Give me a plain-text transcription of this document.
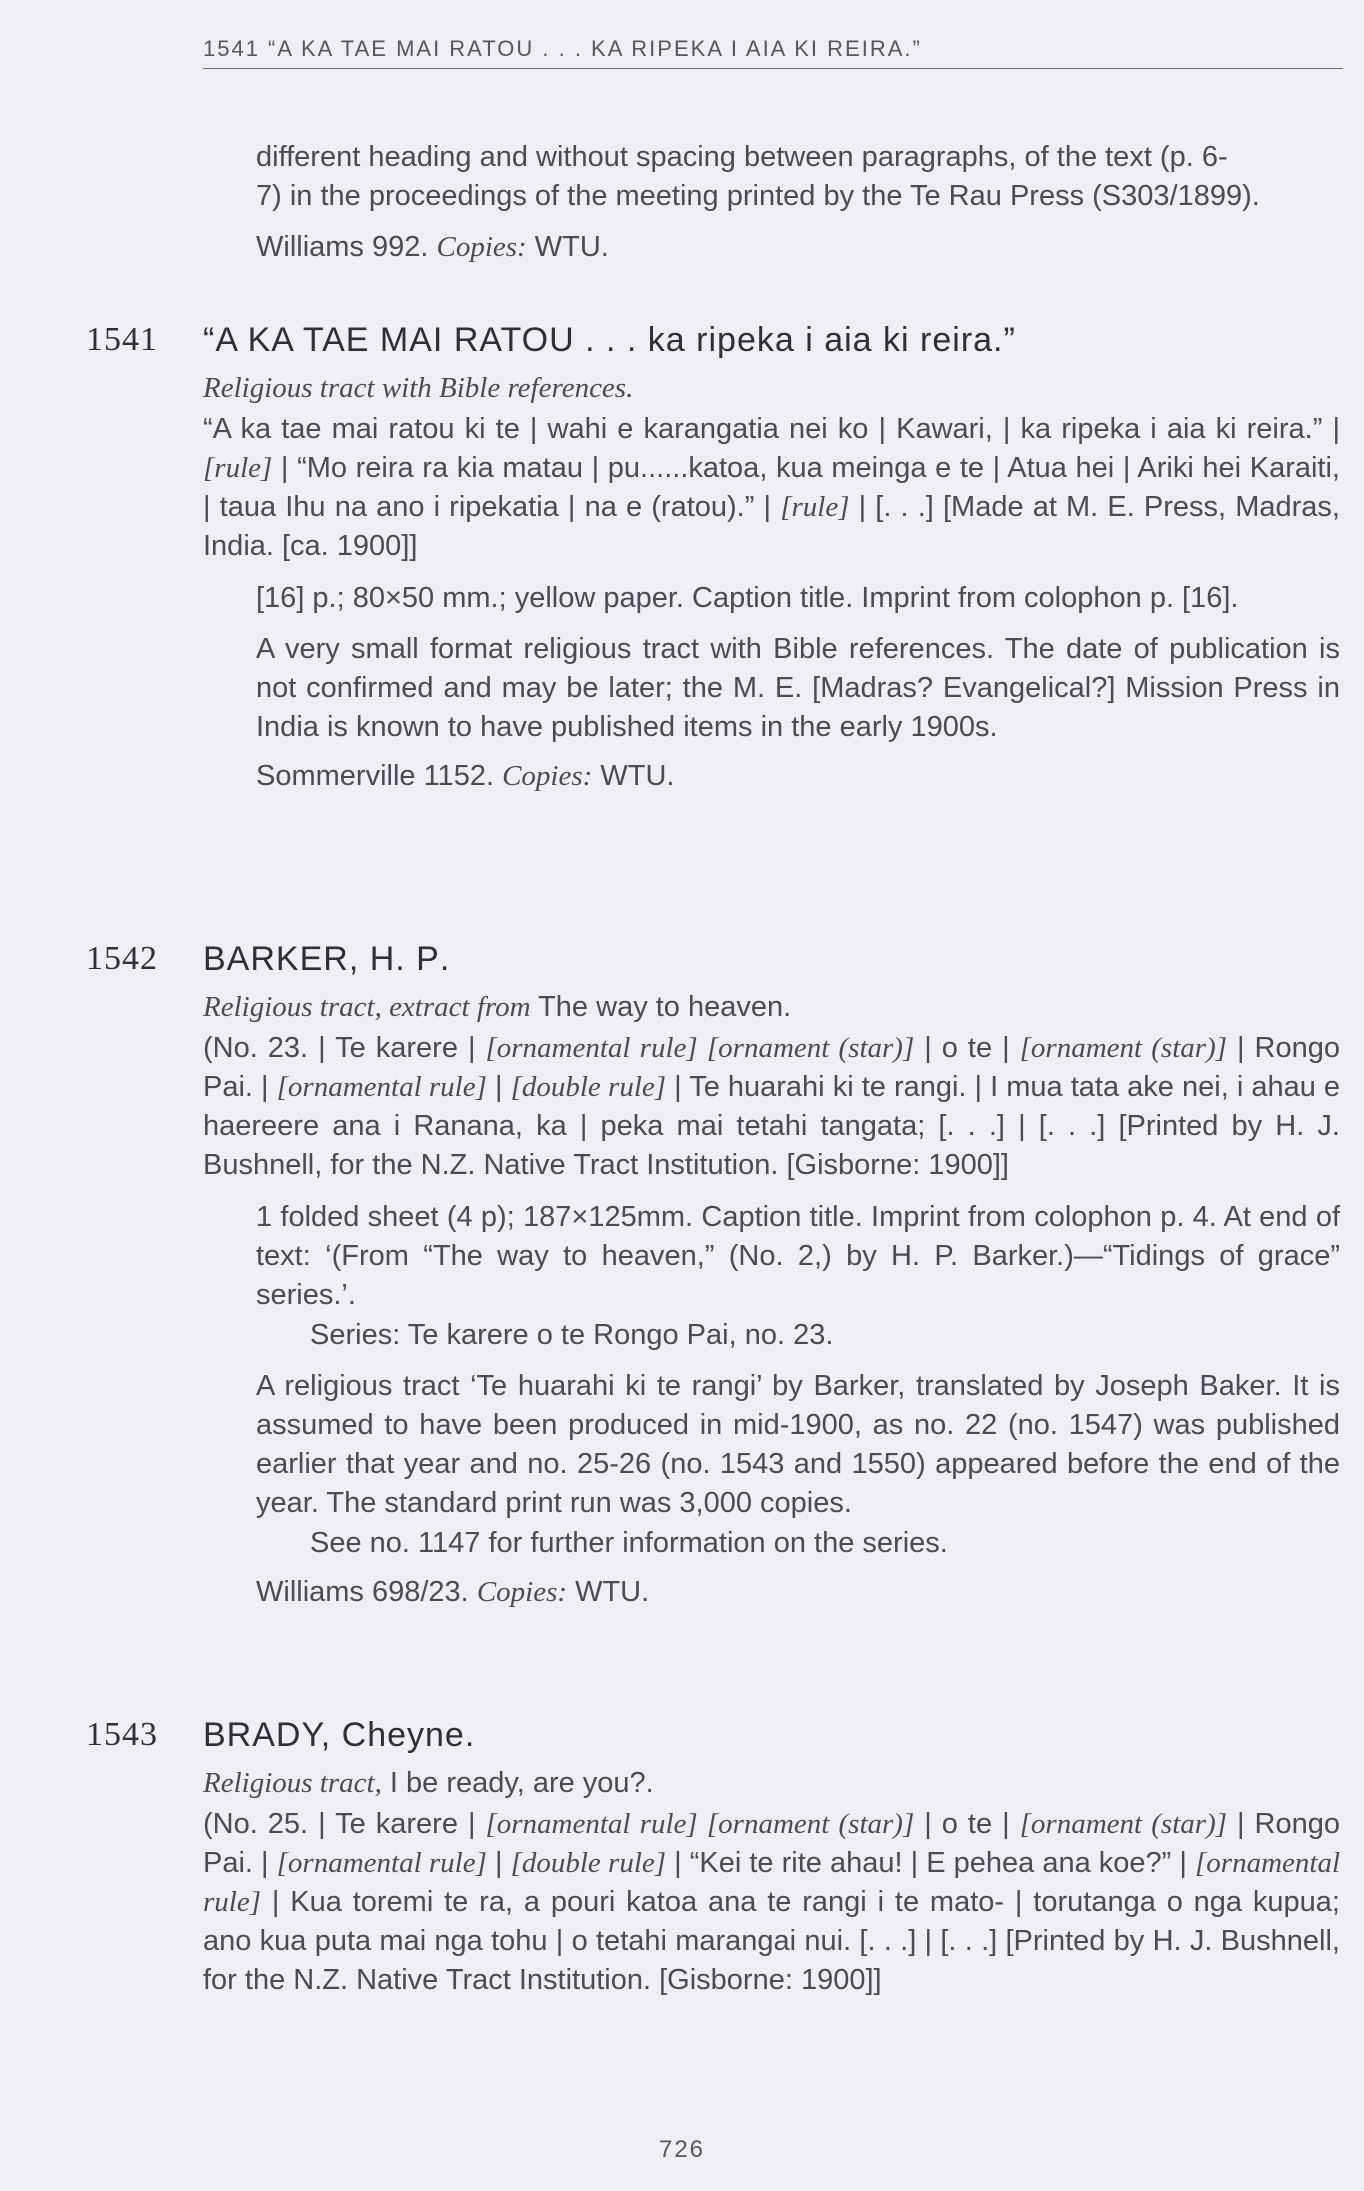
1541 “A KA TAE MAI RATOU . . . KA RIPEKA I AIA KI REIRA.”

different heading and without spacing between paragraphs, of the text (p. 6-

7) in the proceedings of the meeting printed by the Te Rau Press (S303/1899).

Williams 992. Copies: WTU.

1541 “A KA TAE MAI RATOU . . . ka ripeka i aia ki reira.”

Religious tract with Bible references.

“A ka tae mai ratou ki te | wahi e karangatia nei ko | Kawari, | ka ripeka i aia ki reira.” | [rule] | “Mo reira ra kia matau | pu......katoa, kua meinga e te | Atua hei | Ariki hei Karaiti, | taua Ihu na ano i ripekatia | na e (ratou).” | [rule] | [. . .] [Made at M. E. Press, Madras, India. [ca. 1900]]

[16] p.; 80×50 mm.; yellow paper. Caption title. Imprint from colophon p. [16].

A very small format religious tract with Bible references. The date of publication is not confirmed and may be later; the M. E. [Madras? Evangelical?] Mission Press in India is known to have published items in the early 1900s.

Sommerville 1152. Copies: WTU.

1542 BARKER, H. P.

Religious tract, extract from The way to heaven.

(No. 23. | Te karere | [ornamental rule] [ornament (star)] | o te | [ornament (star)] | Rongo Pai. | [ornamental rule] | [double rule] | Te huarahi ki te rangi. | I mua tata ake nei, i ahau e haereere ana i Ranana, ka | peka mai tetahi tangata; [. . .] | [. . .] [Printed by H. J. Bushnell, for the N.Z. Native Tract Institution. [Gisborne: 1900]]

1 folded sheet (4 p); 187×125mm. Caption title. Imprint from colophon p. 4. At end of text: ‘(From “The way to heaven,” (No. 2,) by H. P. Barker.)—“Tidings of grace” series.’.

Series: Te karere o te Rongo Pai, no. 23.

A religious tract ‘Te huarahi ki te rangi’ by Barker, translated by Joseph Baker. It is assumed to have been produced in mid-1900, as no. 22 (no. 1547) was published earlier that year and no. 25-26 (no. 1543 and 1550) appeared before the end of the year. The standard print run was 3,000 copies.

See no. 1147 for further information on the series.

Williams 698/23. Copies: WTU.

1543 BRADY, Cheyne.

Religious tract, I be ready, are you?.

(No. 25. | Te karere | [ornamental rule] [ornament (star)] | o te | [ornament (star)] | Rongo Pai. | [ornamental rule] | [double rule] | “Kei te rite ahau! | E pehea ana koe?” | [ornamental rule] | Kua toremi te ra, a pouri katoa ana te rangi i te mato- | torutanga o nga kupua; ano kua puta mai nga tohu | o tetahi marangai nui. [. . .] | [. . .] [Printed by H. J. Bushnell, for the N.Z. Native Tract Institution. [Gisborne: 1900]]

726
